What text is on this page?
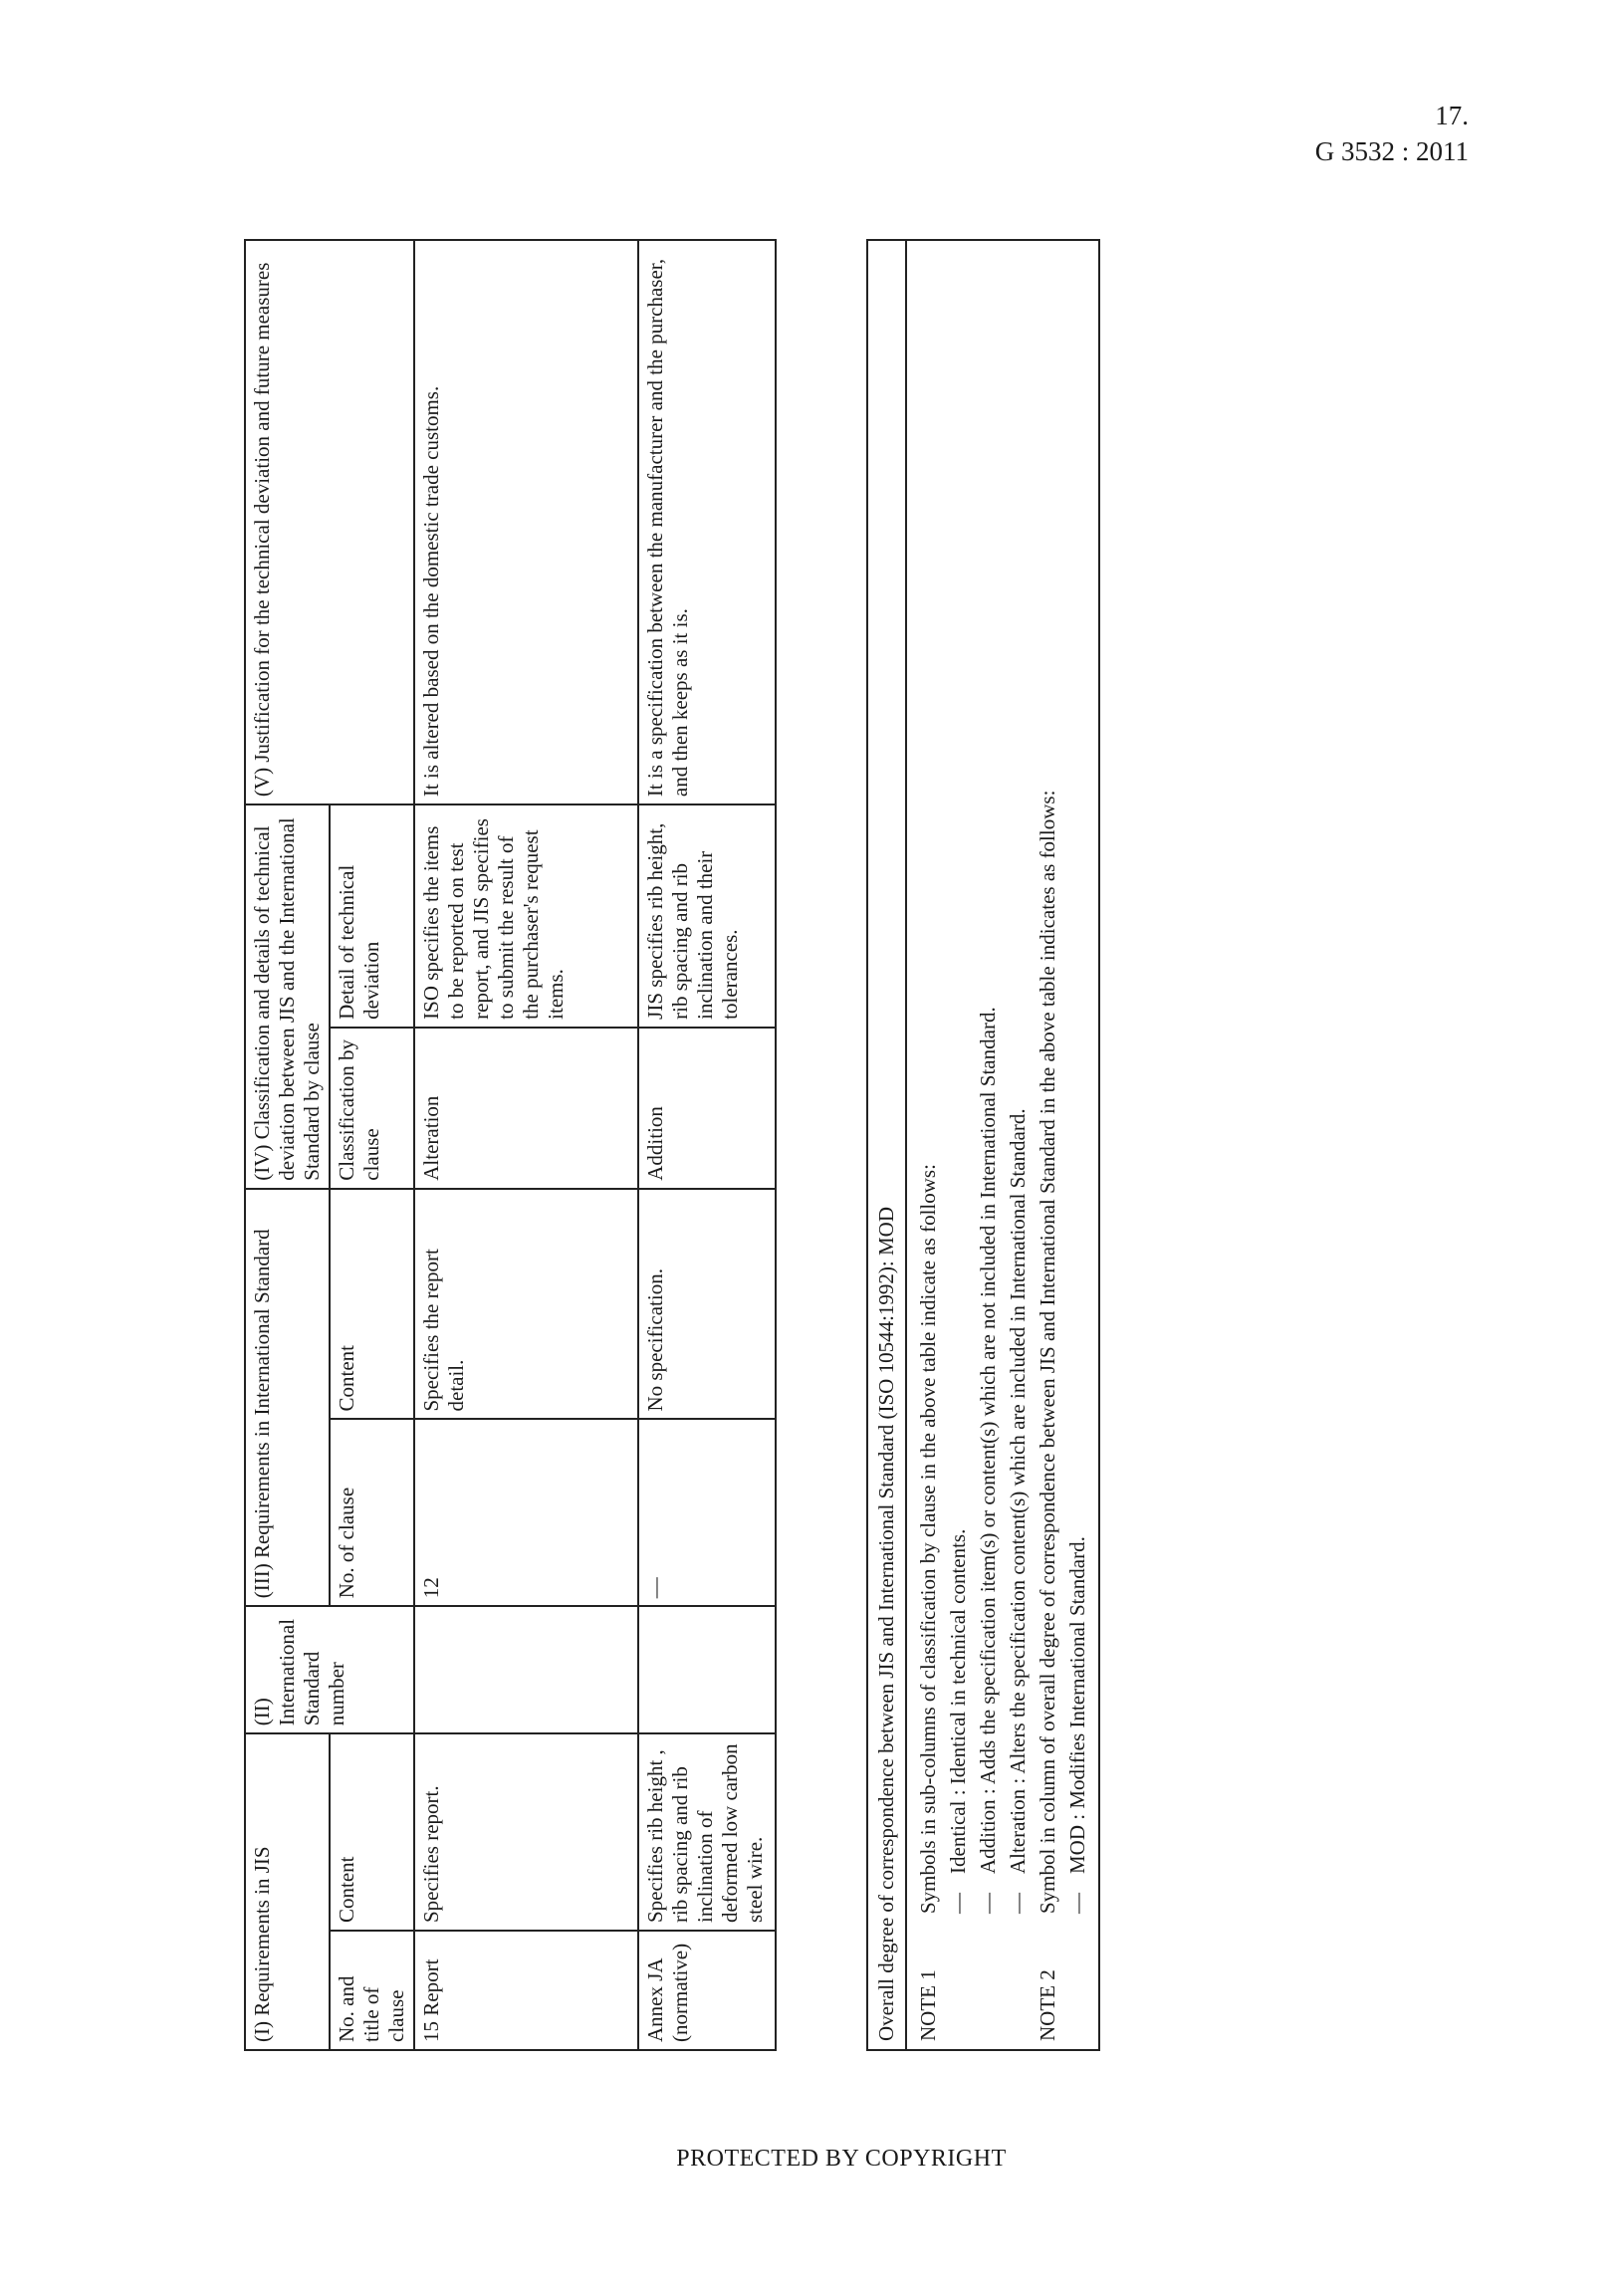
17.
G 3532 : 2011
(I) Requirements in JIS		(II) International Standard number	(III) Requirements in International Standard		(IV) Classification and details of technical deviation between JIS and the International Standard by clause		(V) Justification for the technical deviation and future measures
No. and title of clause	Content		No. of clause	Content	Classification by clause	Detail of technical deviation	
15 Report	Specifies report.		12	Specifies the report detail.	Alteration	ISO specifies the items to be reported on test report, and JIS specifies to submit the result of the purchaser's request items.	It is altered based on the domestic trade customs.
Annex JA (normative)	Specifies rib height , rib spacing and rib inclination of deformed low carbon steel wire.		—	No specification.	Addition	JIS specifies rib height, rib spacing and rib inclination and their tolerances.	It is a specification between the manufacturer and the purchaser, and then keeps as it is.
Overall degree of correspondence between JIS and International Standard (ISO 10544:1992): MOD

NOTE 1
Symbols in sub-columns of classification by clause in the above table indicate as follows: —
Identical : Identical in technical contents.
—
Addition : Adds the specification item(s) or content(s) which are not included in International Standard.
—
Alteration : Alters the specification content(s) which are included in International Standard.
NOTE 2
Symbol in column of overall degree of correspondence between JIS and International Standard in the above table indicates as follows: —
MOD : Modifies International Standard.
PROTECTED BY COPYRIGHT
